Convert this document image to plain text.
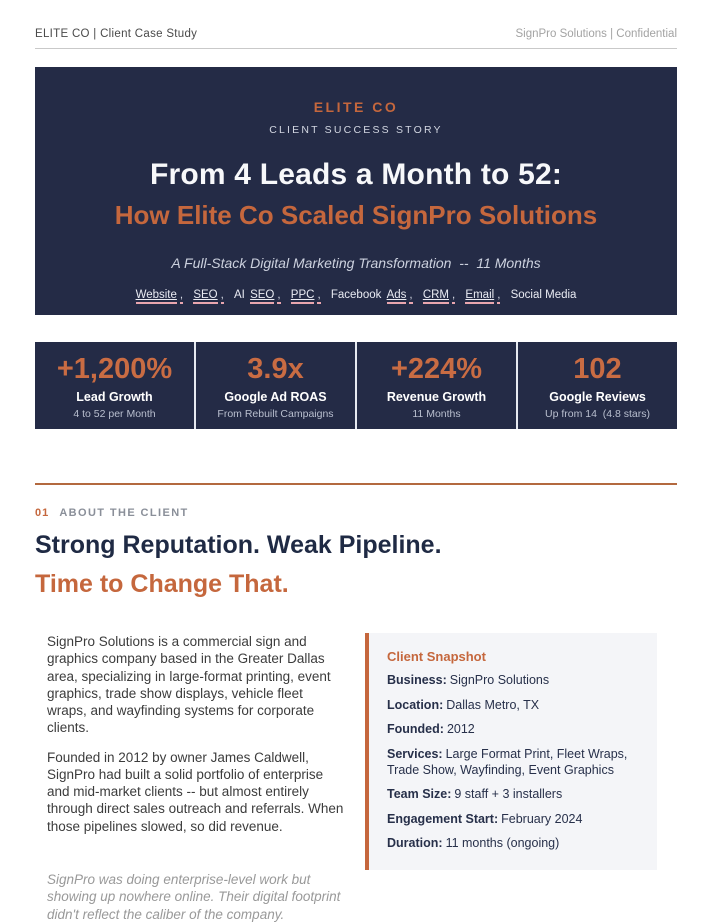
ELITE CO | Client Case Study	SignPro Solutions | Confidential
ELITE CO
CLIENT SUCCESS STORY
From 4 Leads a Month to 52:
How Elite Co Scaled SignPro Solutions
A Full-Stack Digital Marketing Transformation  --  11 Months
Website , SEO , AI SEO , PPC , Facebook Ads , CRM , Email , Social Media
+1,200%
Lead Growth
4 to 52 per Month
3.9x
Google Ad ROAS
From Rebuilt Campaigns
+224%
Revenue Growth
11 Months
102
Google Reviews
Up from 14  (4.8 stars)
01 ABOUT THE CLIENT
Strong Reputation. Weak Pipeline.
Time to Change That.

SignPro Solutions is a commercial sign and graphics company based in the Greater Dallas area, specializing in large-format printing, event graphics, trade show displays, vehicle fleet wraps, and wayfinding systems for corporate clients.

Founded in 2012 by owner James Caldwell, SignPro had built a solid portfolio of enterprise and mid-market clients -- but almost entirely through direct sales outreach and referrals. When those pipelines slowed, so did revenue.

SignPro was doing enterprise-level work but showing up nowhere online. Their digital footprint didn't reflect the caliber of the company.

Client Snapshot
Business: SignPro Solutions
Location: Dallas Metro, TX
Founded: 2012
Services: Large Format Print, Fleet Wraps, Trade Show, Wayfinding, Event Graphics
Team Size: 9 staff + 3 installers
Engagement Start: February 2024
Duration: 11 months (ongoing)
